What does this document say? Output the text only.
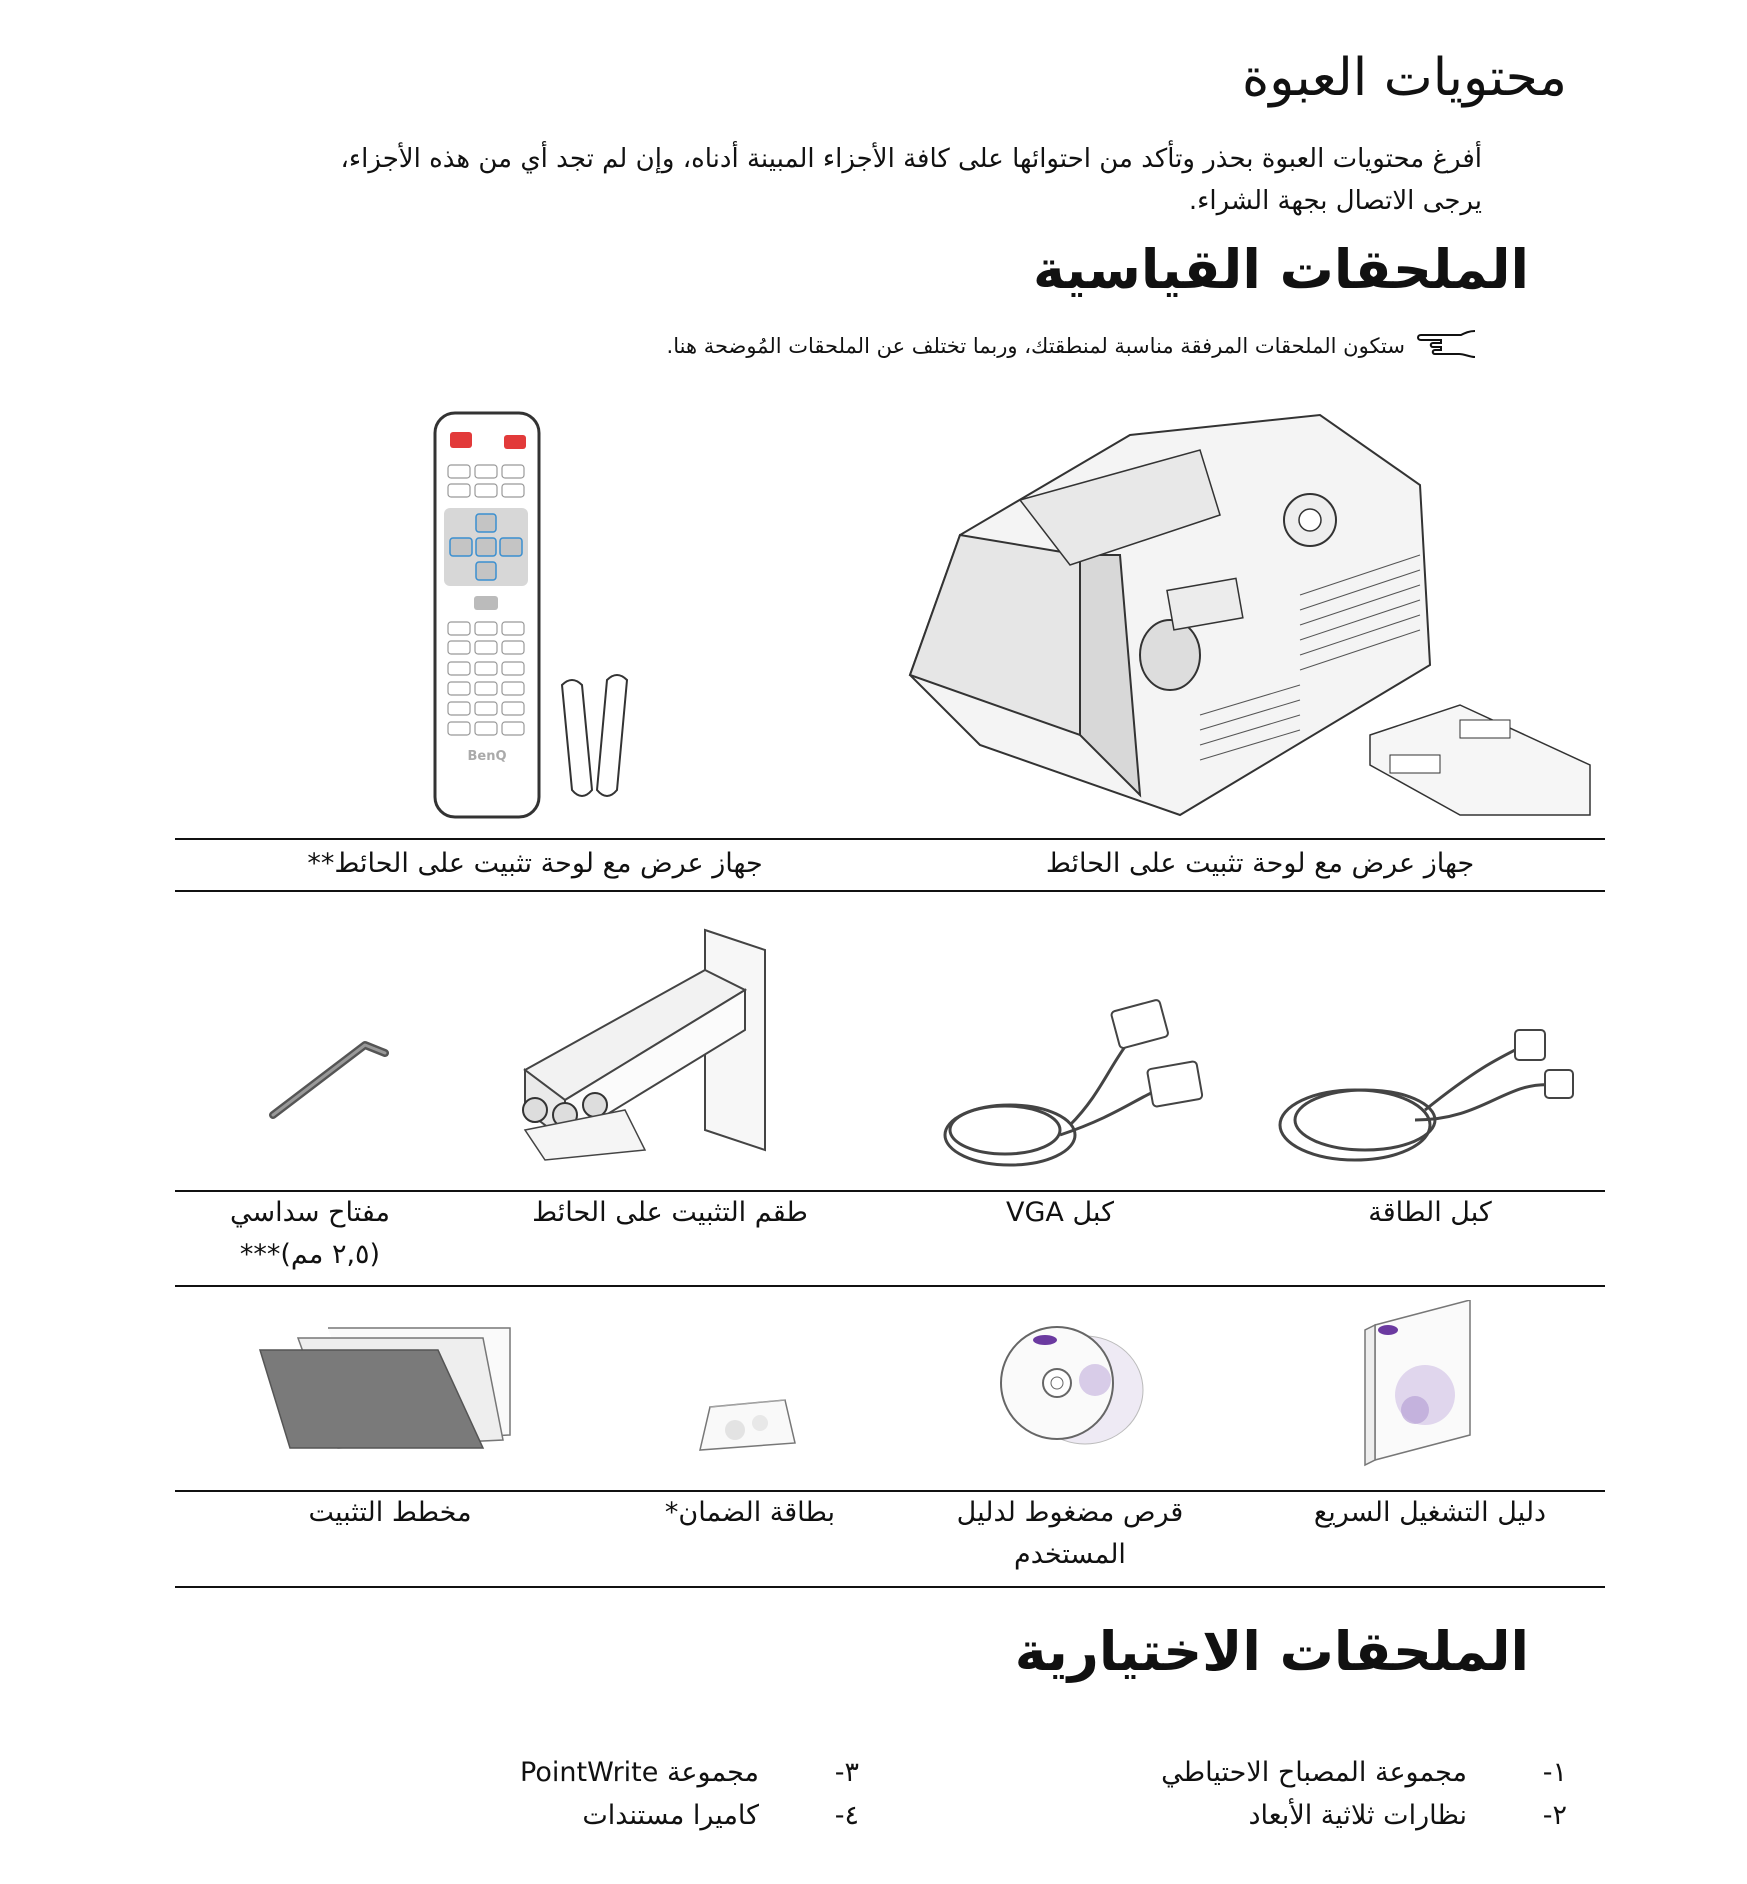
محتويات العبوة
أفرغ محتويات العبوة بحذر وتأكد من احتوائها على كافة الأجزاء المبينة أدناه، وإن لم تجد أي من هذه الأجزاء،
يرجى الاتصال بجهة الشراء.
الملحقات القياسية
ستكون الملحقات المرفقة مناسبة لمنطقتك، وربما تختلف عن الملحقات المُوضحة هنا.
BenQ
جهاز عرض مع لوحة تثبيت على الحائط
جهاز عرض مع لوحة تثبيت على الحائط**
كبل الطاقة
كبل VGA
طقم التثبيت على الحائط
مفتاح سداسي
(٢,٥ مم)***
دليل التشغيل السريع
قرص مضغوط لدليل
المستخدم
بطاقة الضمان*
مخطط التثبيت
الملحقات الاختيارية
١-
مجموعة المصباح الاحتياطي
٢-
نظارات ثلاثية الأبعاد
٣-
مجموعة PointWrite
٤-
كاميرا مستندات
